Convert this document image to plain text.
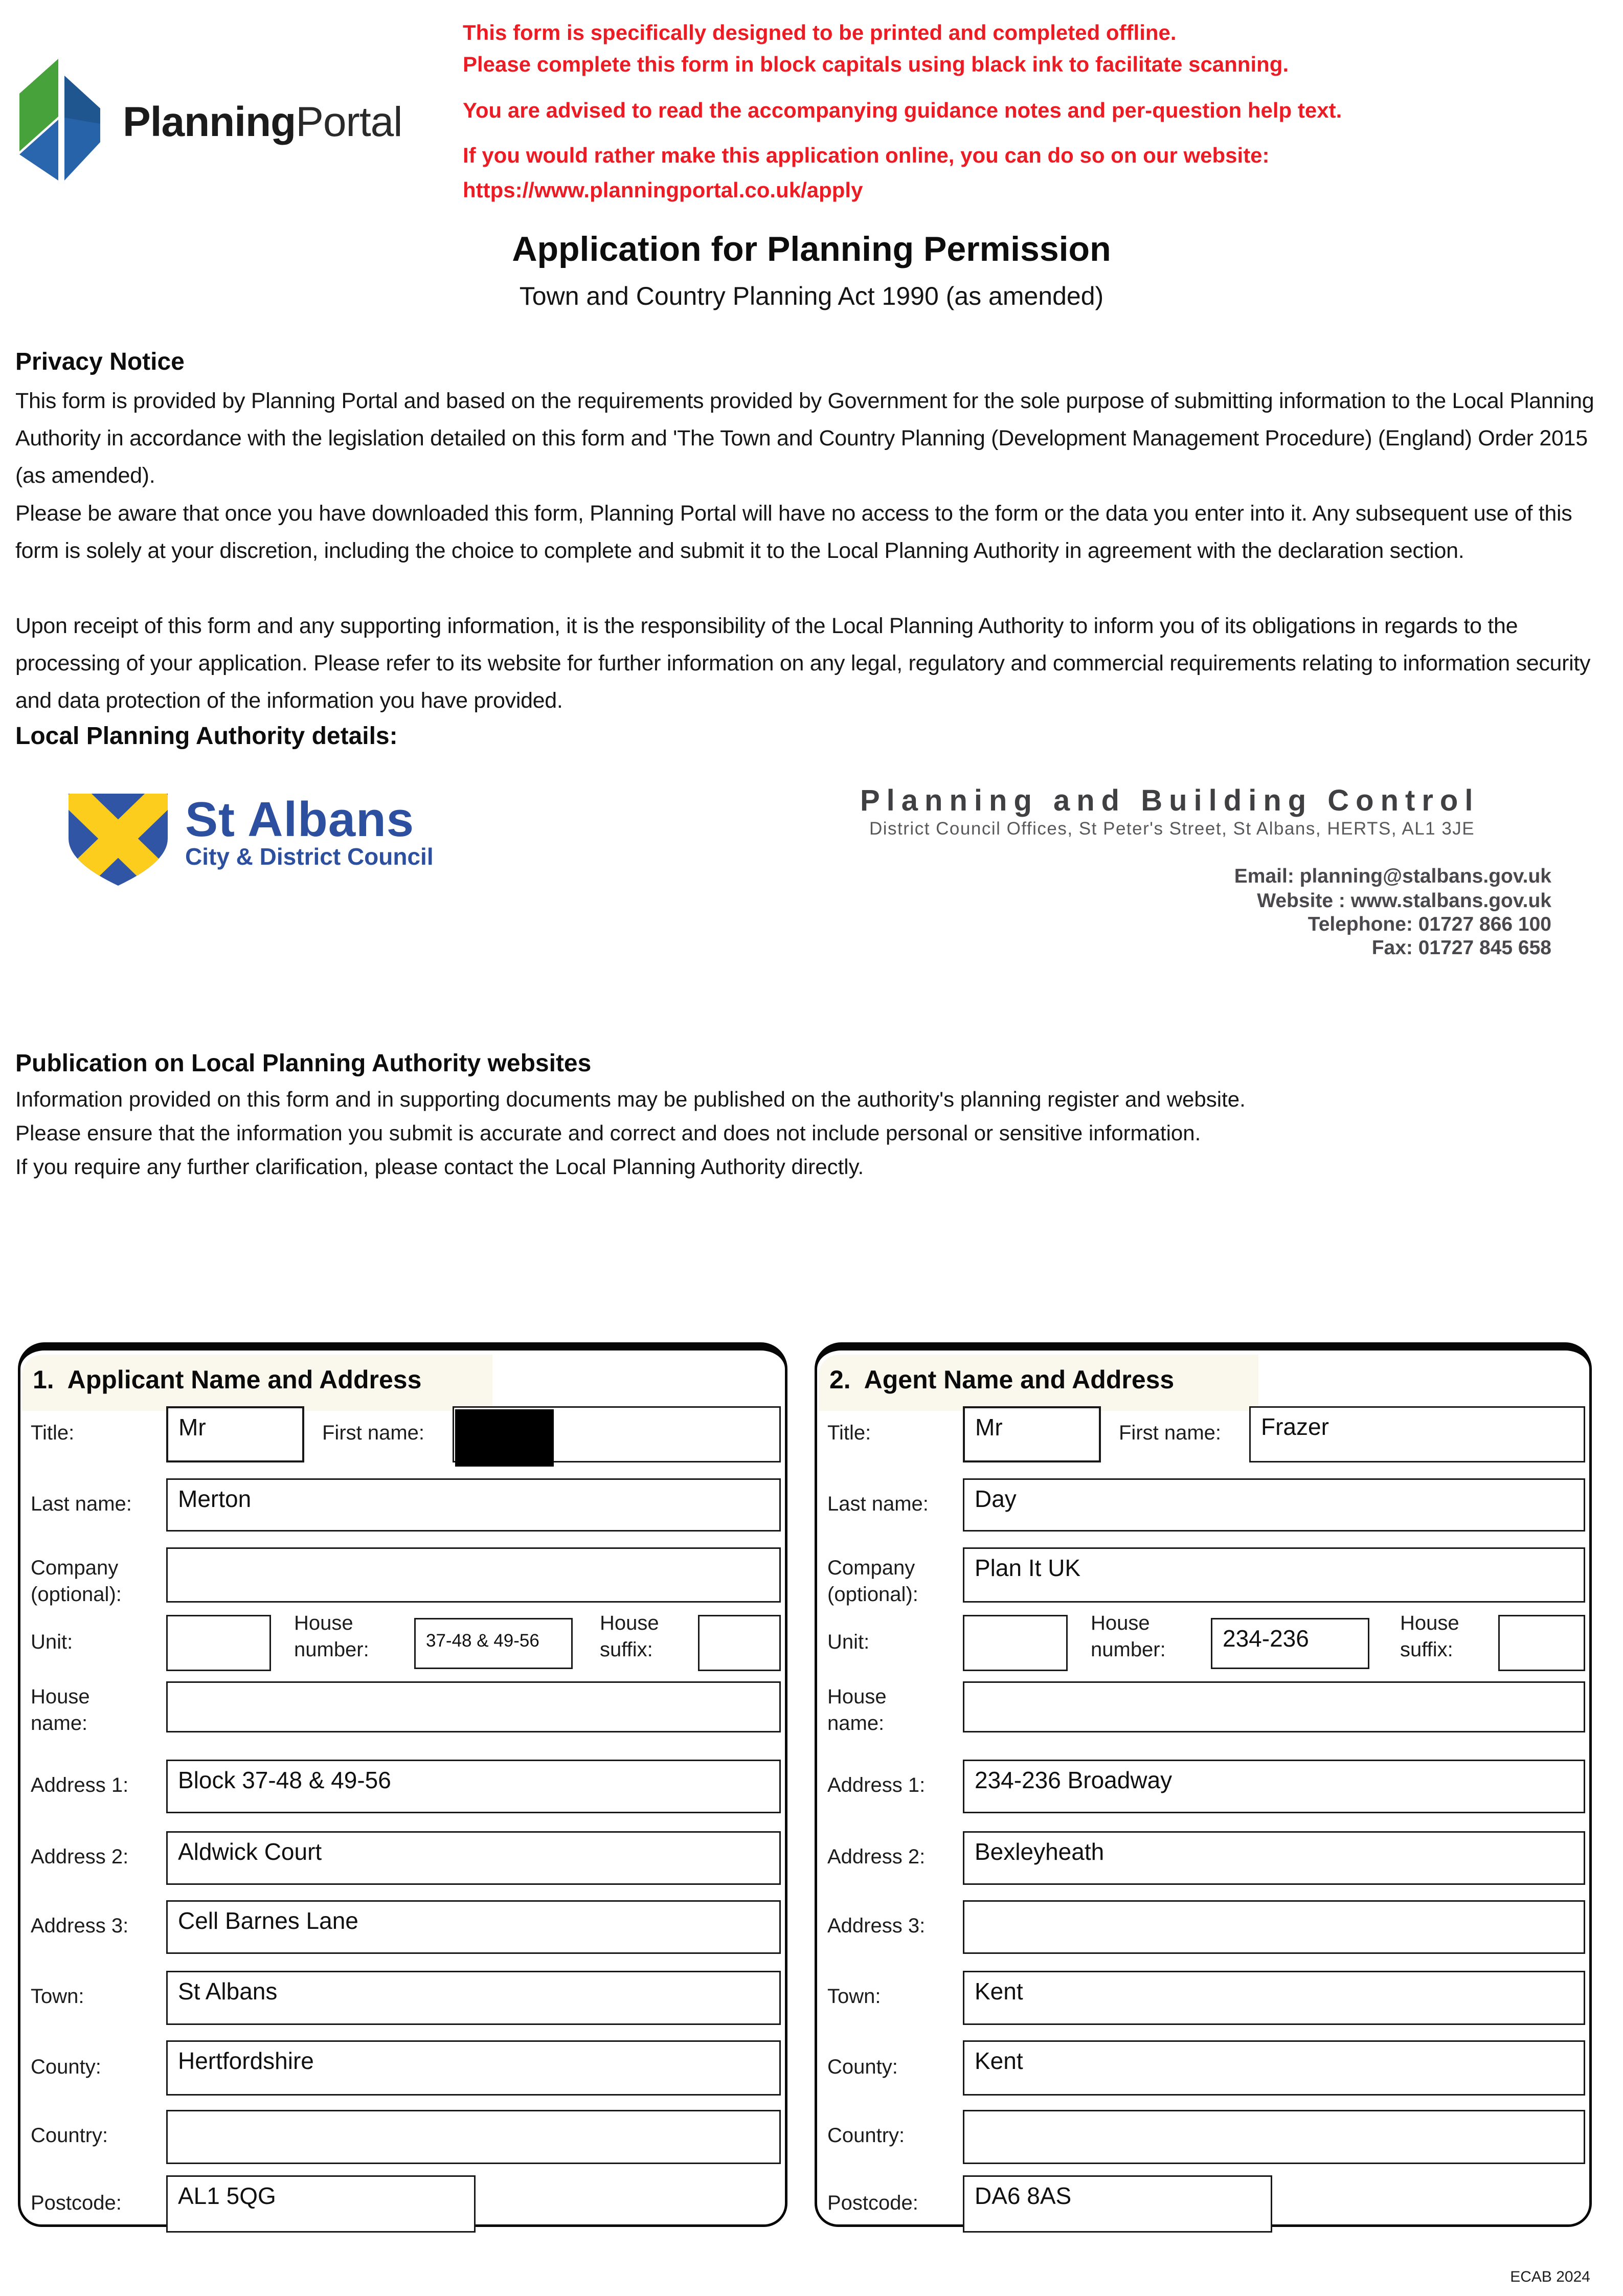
PlanningPortal
This form is specifically designed to be printed and completed offline.
Please complete this form in block capitals using black ink to facilitate scanning.
You are advised to read the accompanying guidance notes and per-question help text.
If you would rather make this application online, you can do so on our website:
https://www.planningportal.co.uk/apply
Application for Planning Permission
Town and Country Planning Act 1990 (as amended)
Privacy Notice
This form is provided by Planning Portal and based on the requirements provided by Government for the sole purpose of submitting information to the Local Planning Authority in accordance with the legislation detailed on this form and 'The Town and Country Planning (Development Management Procedure) (England) Order 2015 (as amended).
Please be aware that once you have downloaded this form, Planning Portal will have no access to the form or the data you enter into it. Any subsequent use of this form is solely at your discretion, including the choice to complete and submit it to the Local Planning Authority in agreement with the declaration section.
Upon receipt of this form and any supporting information, it is the responsibility of the Local Planning Authority to inform you of its obligations in regards to the processing of your application. Please refer to its website for further information on any legal, regulatory and commercial requirements relating to information security and data protection of the information you have provided.
Local Planning Authority details:
St Albans
City & District Council
Planning and Building Control
District Council Offices, St Peter's Street, St Albans, HERTS, AL1 3JE
Email: planning@stalbans.gov.uk
Website : www.stalbans.gov.uk
Telephone: 01727 866 100
Fax: 01727 845 658
Publication on Local Planning Authority websites
Information provided on this form and in supporting documents may be published on the authority's planning register and website.
Please ensure that the information you submit is accurate and correct and does not include personal or sensitive information.
If you require any further clarification, please contact the Local Planning Authority directly.
1.  Applicant Name and Address
Title:	Mr	First name:
Last name:	Merton
Company
(optional):
Unit:
House
number:	37-48 & 49-56
House
suffix:
House
name:
Address 1:	Block 37-48 & 49-56
Address 2:	Aldwick Court
Address 3:	Cell Barnes Lane
Town:	St Albans
County:	Hertfordshire
Country:
Postcode:	AL1 5QG
2.  Agent Name and Address
Title:	Mr	First name:	Frazer
Last name:	Day
Company
(optional):
Plan It UK
Unit:
House
number:	234-236
House
suffix:
House
name:
Address 1:	234-236 Broadway
Address 2:	Bexleyheath
Address 3:
Town:	Kent
County:	Kent
Country:
Postcode:	DA6 8AS
ECAB 2024
